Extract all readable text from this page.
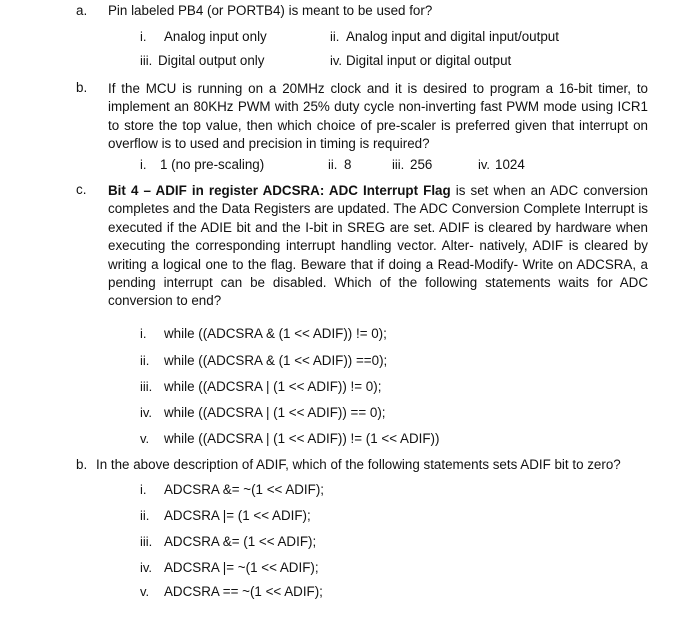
a. Pin labeled PB4 (or PORTB4) is meant to be used for?
i. Analog input only	ii. Analog input and digital input/output
iii. Digital output only	iv. Digital input or digital output
b. If the MCU is running on a 20MHz clock and it is desired to program a 16-bit timer, to implement an 80KHz PWM with 25% duty cycle non-inverting fast PWM mode using ICR1 to store the top value, then which choice of pre-scaler is preferred given that interrupt on overflow is to used and precision in timing is required?
i. 1 (no pre-scaling)	ii. 8	iii. 256	iv. 1024
c. Bit 4 – ADIF in register ADCSRA: ADC Interrupt Flag is set when an ADC conversion completes and the Data Registers are updated. The ADC Conversion Complete Interrupt is executed if the ADIE bit and the I-bit in SREG are set. ADIF is cleared by hardware when executing the corresponding interrupt handling vector. Alter- natively, ADIF is cleared by writing a logical one to the flag. Beware that if doing a Read-Modify- Write on ADCSRA, a pending interrupt can be disabled. Which of the following statements waits for ADC conversion to end?
i. while ((ADCSRA & (1 << ADIF)) != 0);
ii. while ((ADCSRA & (1 << ADIF)) ==0);
iii. while ((ADCSRA | (1 << ADIF)) != 0);
iv. while ((ADCSRA | (1 << ADIF)) == 0);
v. while ((ADCSRA | (1 << ADIF)) != (1 << ADIF))
b. In the above description of ADIF, which of the following statements sets ADIF bit to zero?
i. ADCSRA &= ~(1 << ADIF);
ii. ADCSRA |= (1 << ADIF);
iii. ADCSRA &= (1 << ADIF);
iv. ADCSRA |= ~(1 << ADIF);
v. ADCSRA == ~(1 << ADIF);
